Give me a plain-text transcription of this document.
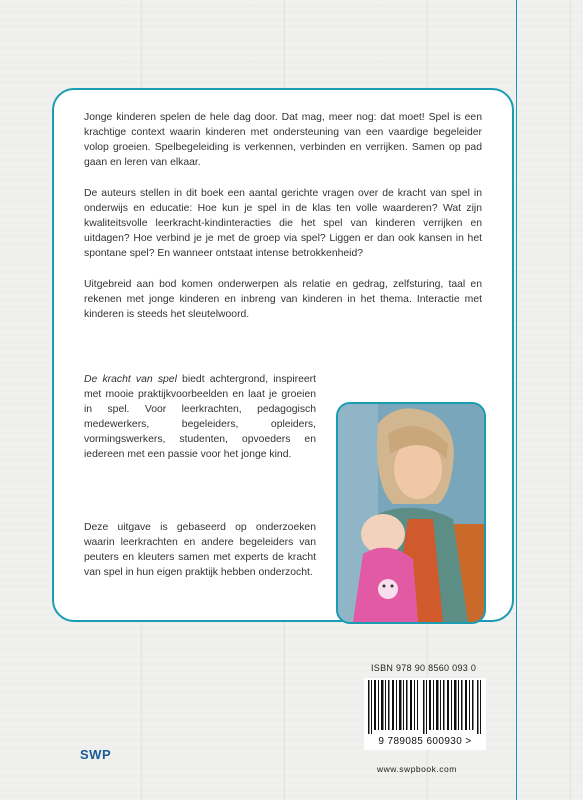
Jonge kinderen spelen de hele dag door. Dat mag, meer nog: dat moet! Spel is een krachtige context waarin kinderen met ondersteuning van een vaardige begeleider volop groeien. Spelbegeleiding is verkennen, verbinden en verrijken. Samen op pad gaan en leren van elkaar.

De auteurs stellen in dit boek een aantal gerichte vragen over de kracht van spel in onderwijs en educatie: Hoe kun je spel in de klas ten volle waarderen? Wat zijn kwaliteitsvolle leerkracht-kindinteracties die het spel van kinderen verrijken en uitdagen? Hoe verbind je je met de groep via spel? Liggen er dan ook kansen in het spontane spel? En wanneer ontstaat intense betrokkenheid?

Uitgebreid aan bod komen onderwerpen als relatie en gedrag, zelfsturing, taal en rekenen met jonge kinderen en inbreng van kinderen in het thema. Interactie met kinderen is steeds het sleutelwoord.

De kracht van spel biedt achtergrond, inspireert met mooie praktijkvoorbeelden en laat je groeien in spel. Voor leerkrachten, pedagogisch medewerkers, begeleiders, opleiders, vormingswerkers, studenten, opvoeders en iedereen met een passie voor het jonge kind.

Deze uitgave is gebaseerd op onderzoeken waarin leerkrachten en andere begeleiders van peuters en kleuters samen met experts de kracht van spel in hun eigen praktijk hebben onderzocht.

ISBN 978 90 8560 093 0
9 789085 600930 >
www.swpbook.com
SWP
